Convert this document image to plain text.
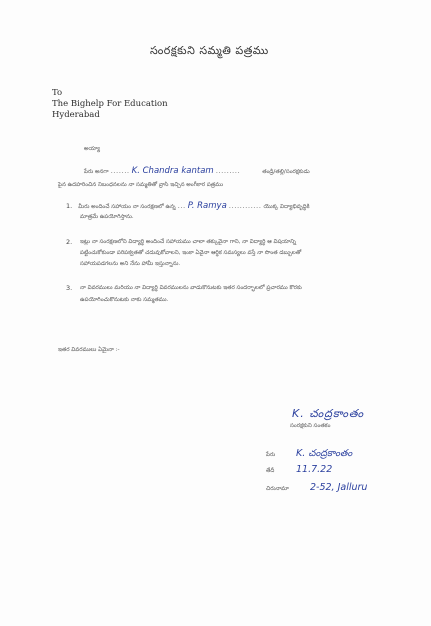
సంరక్షకుని సమ్మతి పత్రము
To
The Bighelp For Education
Hyderabad
అయ్యా
పేరు అనగా ....... K. Chandra kantam .........	తండ్రి/తల్లి/సంరక్షకుడు
పైన ఉదహరించిన నిబంధనలను నా సమ్మతితో వ్రాసి ఇచ్చిన అంగీకార పత్రము
1. మీరు అందించే సహాయం నా సంరక్షణలో ఉన్న ... P. Ramya ............ యొక్క విద్యాభివృద్ధికి
మాత్రమే ఉపయోగిస్తాను.
2. ఇట్లు నా సంరక్షణలోని విద్యార్థి అందించే సహాయము చాలా తక్కువైనా గాని, నా విద్యార్థి ఆ విషయాన్ని
పట్టించుకోకుండా పరిపక్వతతో చదువుకోవాలని, ఇంకా ఏవైనా ఆర్థిక సమస్యలు వస్తే నా సొంత డబ్బులతో
సహాయపడగలను అని నేను హామీ ఇస్తున్నాను.
3. నా వివరములు మరియు నా విద్యార్థి వివరములను వాడుకొనుటకు ఇతర సందర్భాలలో ప్రచారము కొరకు
ఉపయోగించుకొనుటకు నాకు సమ్మతము.
ఇతర వివరములు ఏమైనా :-
K. చంద్రకాంతం
సంరక్షకుని సంతకం
పేరు	K. చంద్రకాంతం
తేదీ	11.7.22
చిరునామా	2-52, Jalluru
